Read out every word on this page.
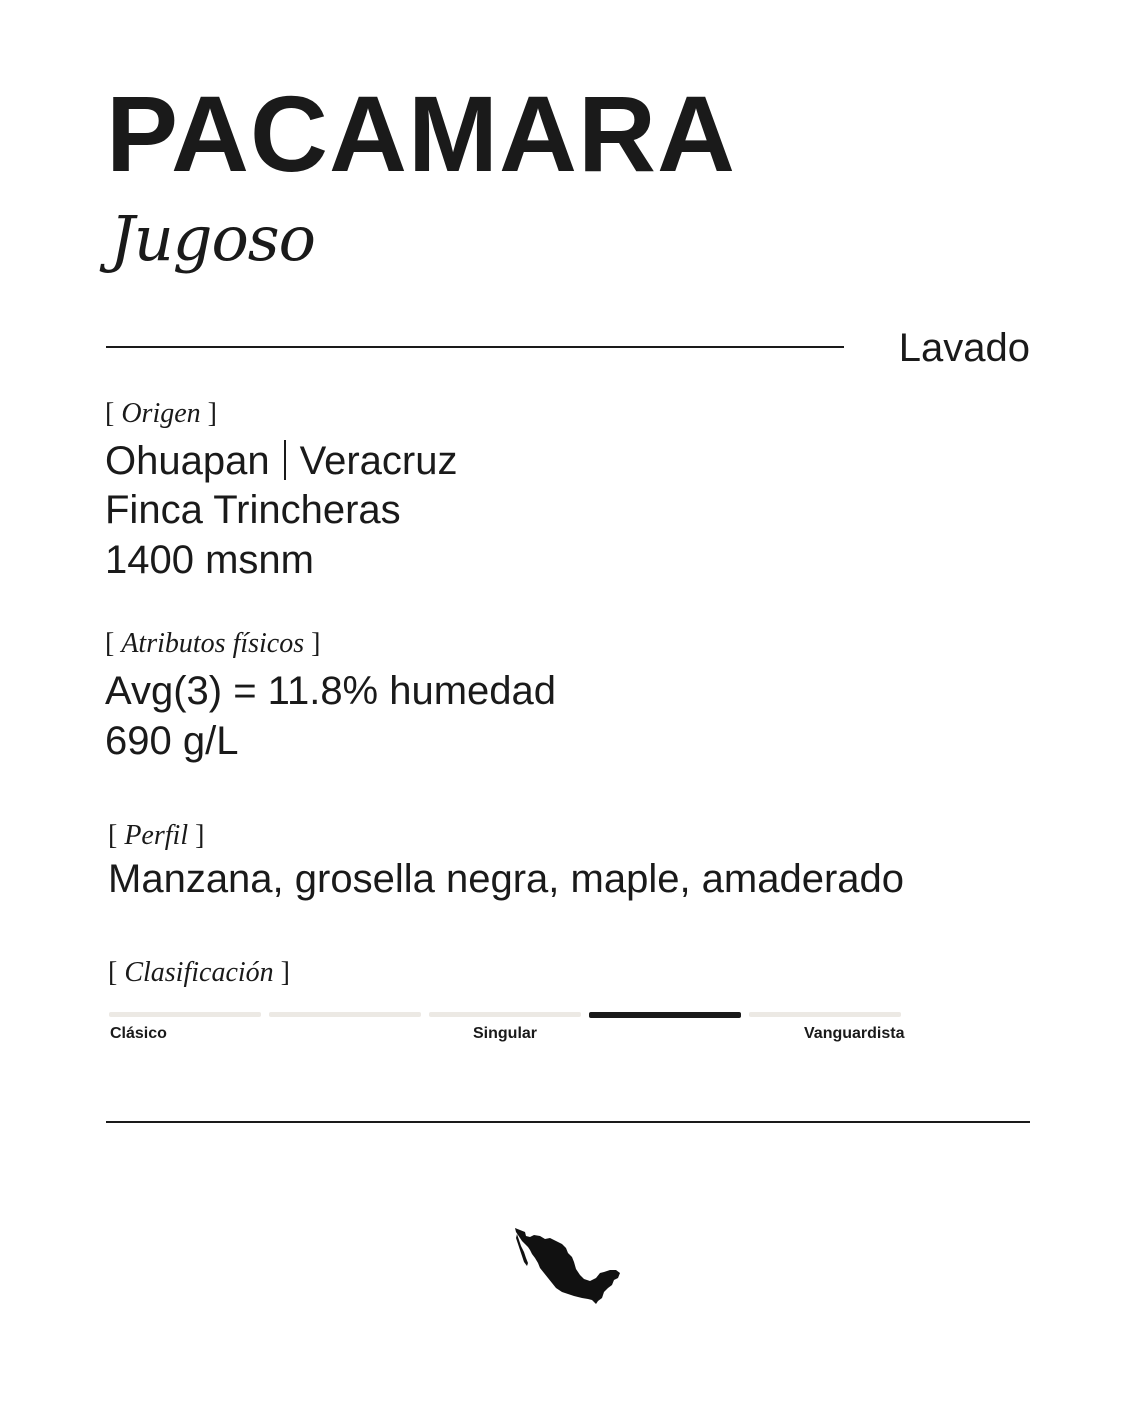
PACAMARA
Jugoso
Lavado
[ Origen ]
Ohuapan Veracruz
Finca Trincheras
1400 msnm
[ Atributos físicos ]
Avg(3) = 11.8% humedad
690 g/L
[ Perfil ]
Manzana, grosella negra, maple, amaderado
[ Clasificación ]
Clásico	Singular	Vanguardista
